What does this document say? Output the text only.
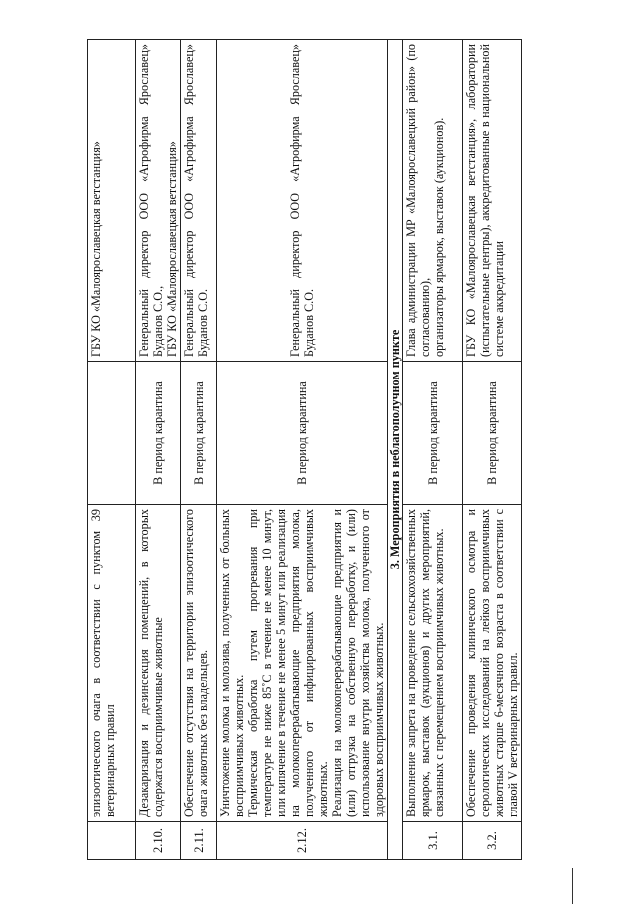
	эпизоотического очага в соответствии с пунктом 39 ветеринарных правил		ГБУ КО «Малоярославецкая ветстанция»
2.10.	Дезакаризация и дезинсекция помещений, в которых содержатся восприимчивые животные	В период карантина	Генеральный директор ООО «Агрофирма Ярославец» Буданов С.О., ГБУ КО «Малоярославецкая ветстанция»

2.11.	Обеспечение отсутствия на территории эпизоотического очага животных без владельцев.	В период карантина	Генеральный директор ООО «Агрофирма Ярославец» Буданов С.О.
2.12.	Уничтожение молока и молозива, полученных от больных восприимчивых животных. Термическая обработка путем прогревания при температуре не ниже 85˚С в течение не менее 10 минут, или кипячение в течение не менее 5 минут или реализация на молокоперерабатывающие предприятия молока, полученного от инфицированных восприимчивых животных. Реализация на молокоперерабатывающие предприятия и (или) отгрузка на собственную переработку, и (или) использование внутри хозяйства молока, полученного от здоровых восприимчивых животных.	В период карантина	Генеральный директор ООО «Агрофирма Ярославец» Буданов С.О.
3. Мероприятия в неблагополучном пункте			
3.1.	Выполнение запрета на проведение сельскохозяйственных ярмарок, выставок (аукционов) и других мероприятий, связанных с перемещением восприимчивых животных.	В период карантина	Глава администрации МР «Малоярославецкий район» (по согласованию), организаторы ярмарок, выставок (аукционов).

3.2.	Обеспечение проведения клинического осмотра и серологических исследований на лейкоз восприимчивых животных старше 6-месячного возраста в соответствии с главой V ветеринарных правил.	В период карантина	ГБУ КО «Малоярославецкая ветстанция», лаборатории (испытательные центры), аккредитованные в национальной системе аккредитации
